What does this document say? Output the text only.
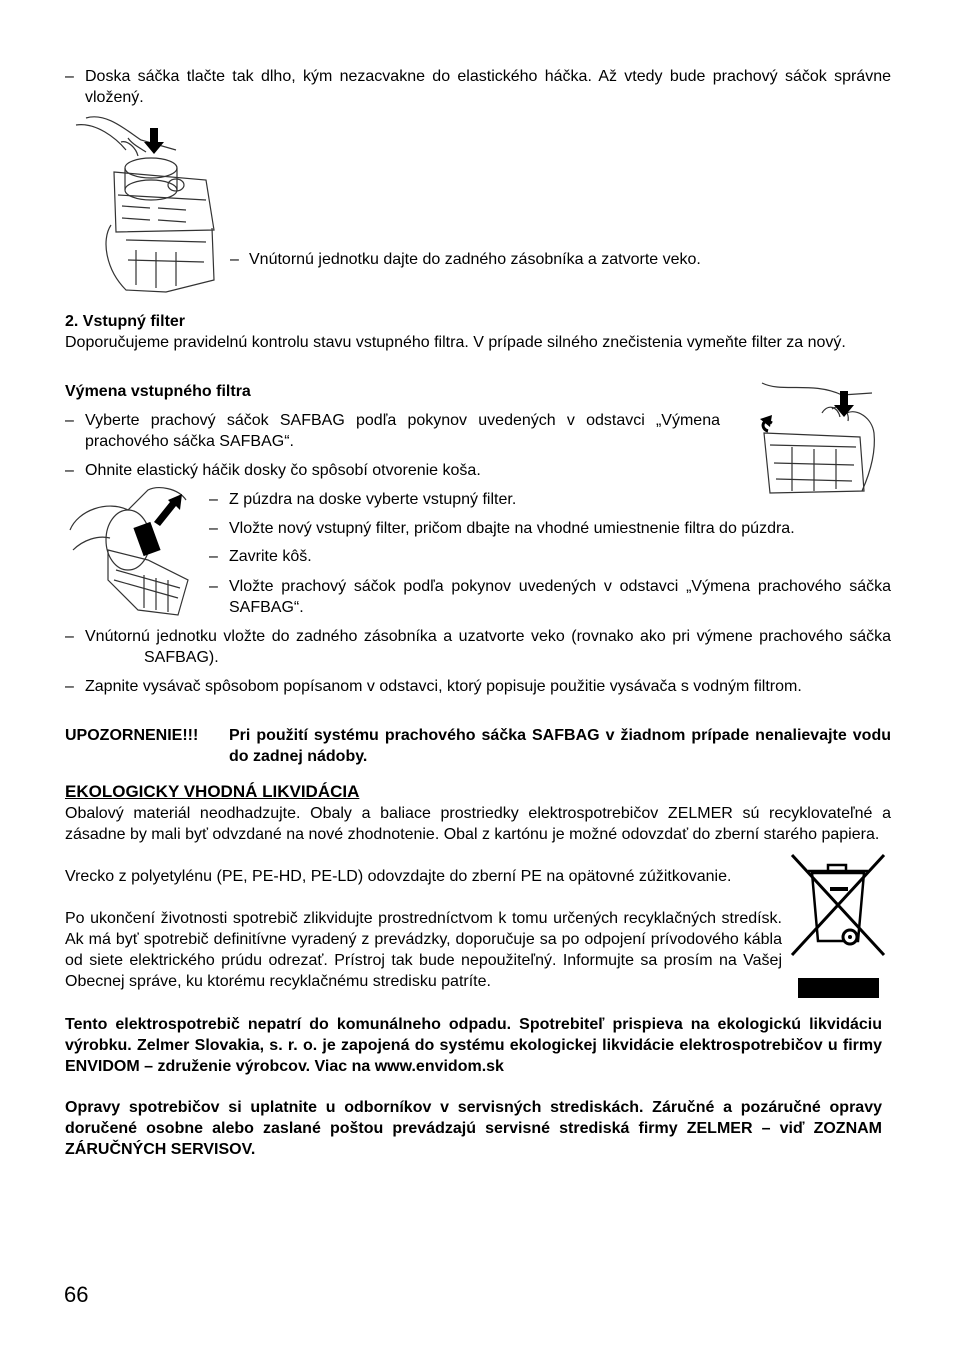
– Doska sáčka tlačte tak dlho, kým nezacvakne do elastického háčka. Až vtedy bude prachový sáčok správne vložený.
– Vnútornú jednotku dajte do zadného zásobníka a zatvorte veko.
2. Vstupný filter
Doporučujeme pravidelnú kontrolu stavu vstupného filtra. V prípade silného znečistenia vymeňte filter za nový.
Výmena vstupného filtra
– Vyberte prachový sáčok SAFBAG podľa pokynov uvedených v odstavci „Výmena prachového sáčka SAFBAG“.
– Ohnite elastický háčik dosky čo spôsobí otvorenie koša.
– Z púzdra na doske vyberte vstupný filter.
– Vložte nový vstupný filter, pričom dbajte na vhodné umiestnenie filtra do púzdra.
– Zavrite kôš.
– Vložte prachový sáčok podľa pokynov uvedených v odstavci „Výmena prachového sáčka SAFBAG“.
– Vnútornú jednotku vložte do zadného zásobníka a uzatvorte veko (rovnako ako pri výmene prachového sáčka SAFBAG).
– Zapnite vysávač spôsobom popísanom v odstavci, ktorý popisuje použitie vysávača s vodným filtrom.
UPOZORNENIE!!! Pri použití systému prachového sáčka SAFBAG v žiadnom prípade nenalievajte vodu do zadnej nádoby.
EKOLOGICKY VHODNÁ LIKVIDÁCIA
Obalový materiál neodhadzujte. Obaly a baliace prostriedky elektrospotrebičov ZELMER sú recyklovateľné a zásadne by mali byť odvzdané na nové zhodnotenie. Obal z kartónu je možné odovzdať do zberní starého papiera.
Vrecko z polyetylénu (PE, PE-HD, PE-LD) odovzdajte do zberní PE na opätovné zúžitkovanie.
Po ukončení životnosti spotrebič zlikvidujte prostredníctvom k tomu určených recyklačných stredísk. Ak má byť spotrebič definitívne vyradený z prevádzky, doporučuje sa po odpojení prívodového kábla od siete elektrického prúdu odrezať. Prístroj tak bude nepoužiteľný. Informujte sa prosím na Vašej Obecnej správe, ku ktorému recyklačnému stredisku patríte.
Tento elektrospotrebič nepatrí do komunálneho odpadu. Spotrebiteľ prispieva na ekologickú likvidáciu výrobku. Zelmer Slovakia, s. r. o. je zapojená do systému ekologickej likvidácie elektrospotrebičov u firmy ENVIDOM – združenie výrobcov. Viac na www.envidom.sk
Opravy spotrebičov si uplatnite u odborníkov v servisných strediskách. Záručné a pozáručné opravy doručené osobne alebo zaslané poštou prevádzajú servisné strediská firmy ZELMER – viď ZOZNAM ZÁRUČNÝCH SERVISOV.
66
